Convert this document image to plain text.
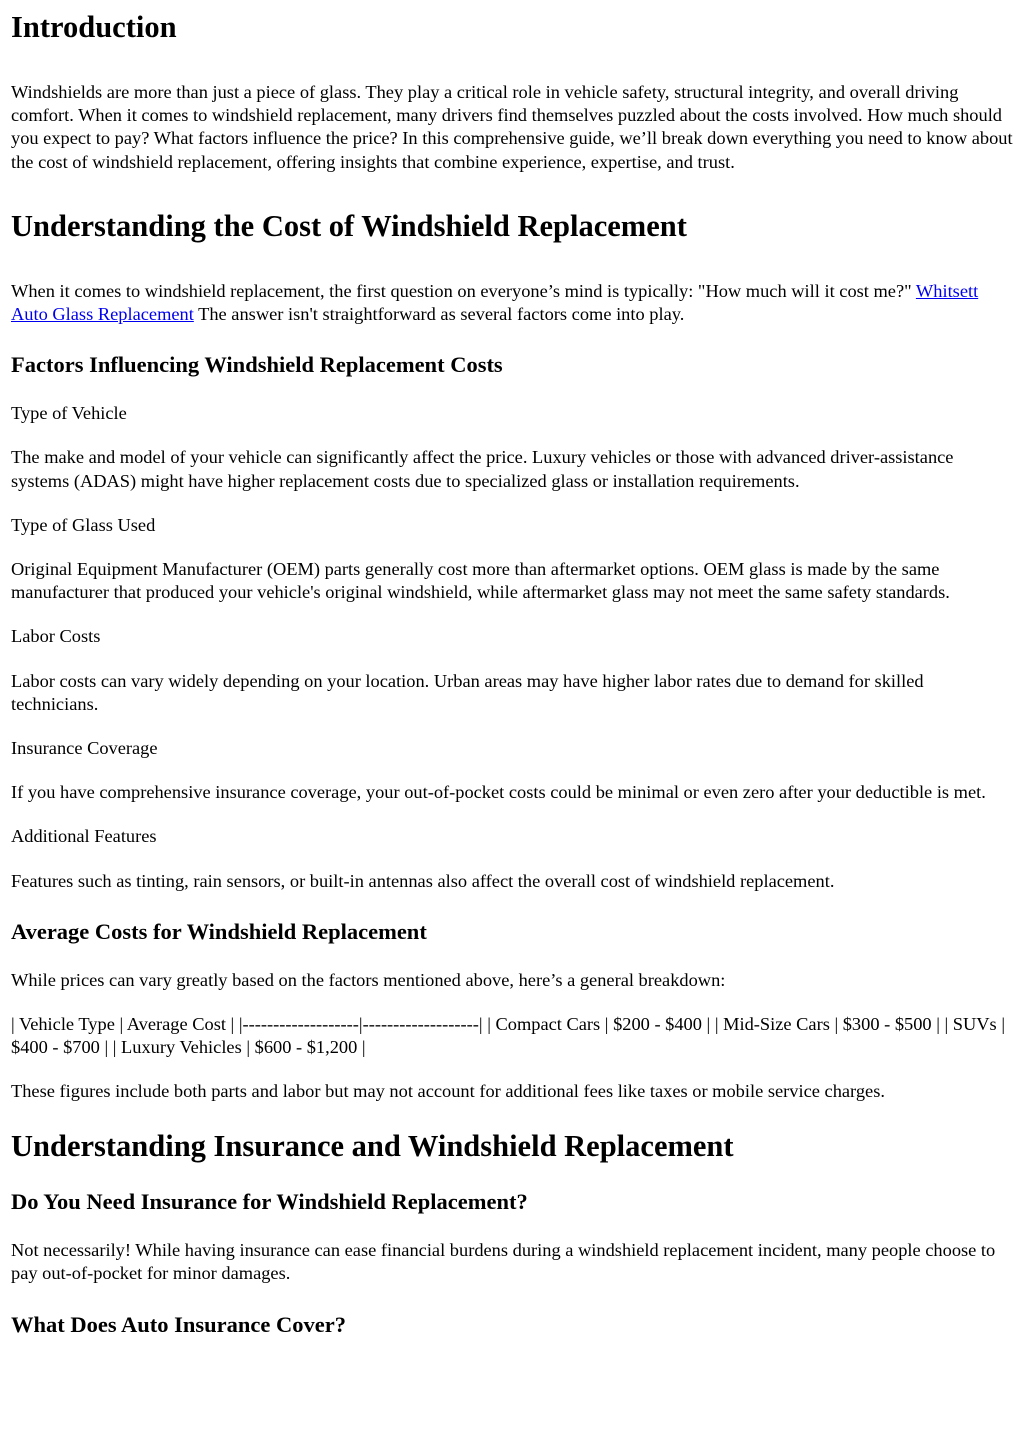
Introduction

Windshields are more than just a piece of glass. They play a critical role in vehicle safety, structural integrity, and overall driving comfort. When it comes to windshield replacement, many drivers find themselves puzzled about the costs involved. How much should you expect to pay? What factors influence the price? In this comprehensive guide, we’ll break down everything you need to know about the cost of windshield replacement, offering insights that combine experience, expertise, and trust.

Understanding the Cost of Windshield Replacement

When it comes to windshield replacement, the first question on everyone’s mind is typically: "How much will it cost me?" Whitsett Auto Glass Replacement The answer isn't straightforward as several factors come into play.

Factors Influencing Windshield Replacement Costs

Type of Vehicle

The make and model of your vehicle can significantly affect the price. Luxury vehicles or those with advanced driver-assistance systems (ADAS) might have higher replacement costs due to specialized glass or installation requirements.

Type of Glass Used

Original Equipment Manufacturer (OEM) parts generally cost more than aftermarket options. OEM glass is made by the same manufacturer that produced your vehicle's original windshield, while aftermarket glass may not meet the same safety standards.

Labor Costs

Labor costs can vary widely depending on your location. Urban areas may have higher labor rates due to demand for skilled technicians.

Insurance Coverage

If you have comprehensive insurance coverage, your out-of-pocket costs could be minimal or even zero after your deductible is met.

Additional Features

Features such as tinting, rain sensors, or built-in antennas also affect the overall cost of windshield replacement.

Average Costs for Windshield Replacement

While prices can vary greatly based on the factors mentioned above, here’s a general breakdown:

| Vehicle Type | Average Cost | |-------------------|-------------------| | Compact Cars | $200 - $400 | | Mid-Size Cars | $300 - $500 | | SUVs | $400 - $700 | | Luxury Vehicles | $600 - $1,200 |

These figures include both parts and labor but may not account for additional fees like taxes or mobile service charges.

Understanding Insurance and Windshield Replacement
Do You Need Insurance for Windshield Replacement?

Not necessarily! While having insurance can ease financial burdens during a windshield replacement incident, many people choose to pay out-of-pocket for minor damages.

What Does Auto Insurance Cover?
